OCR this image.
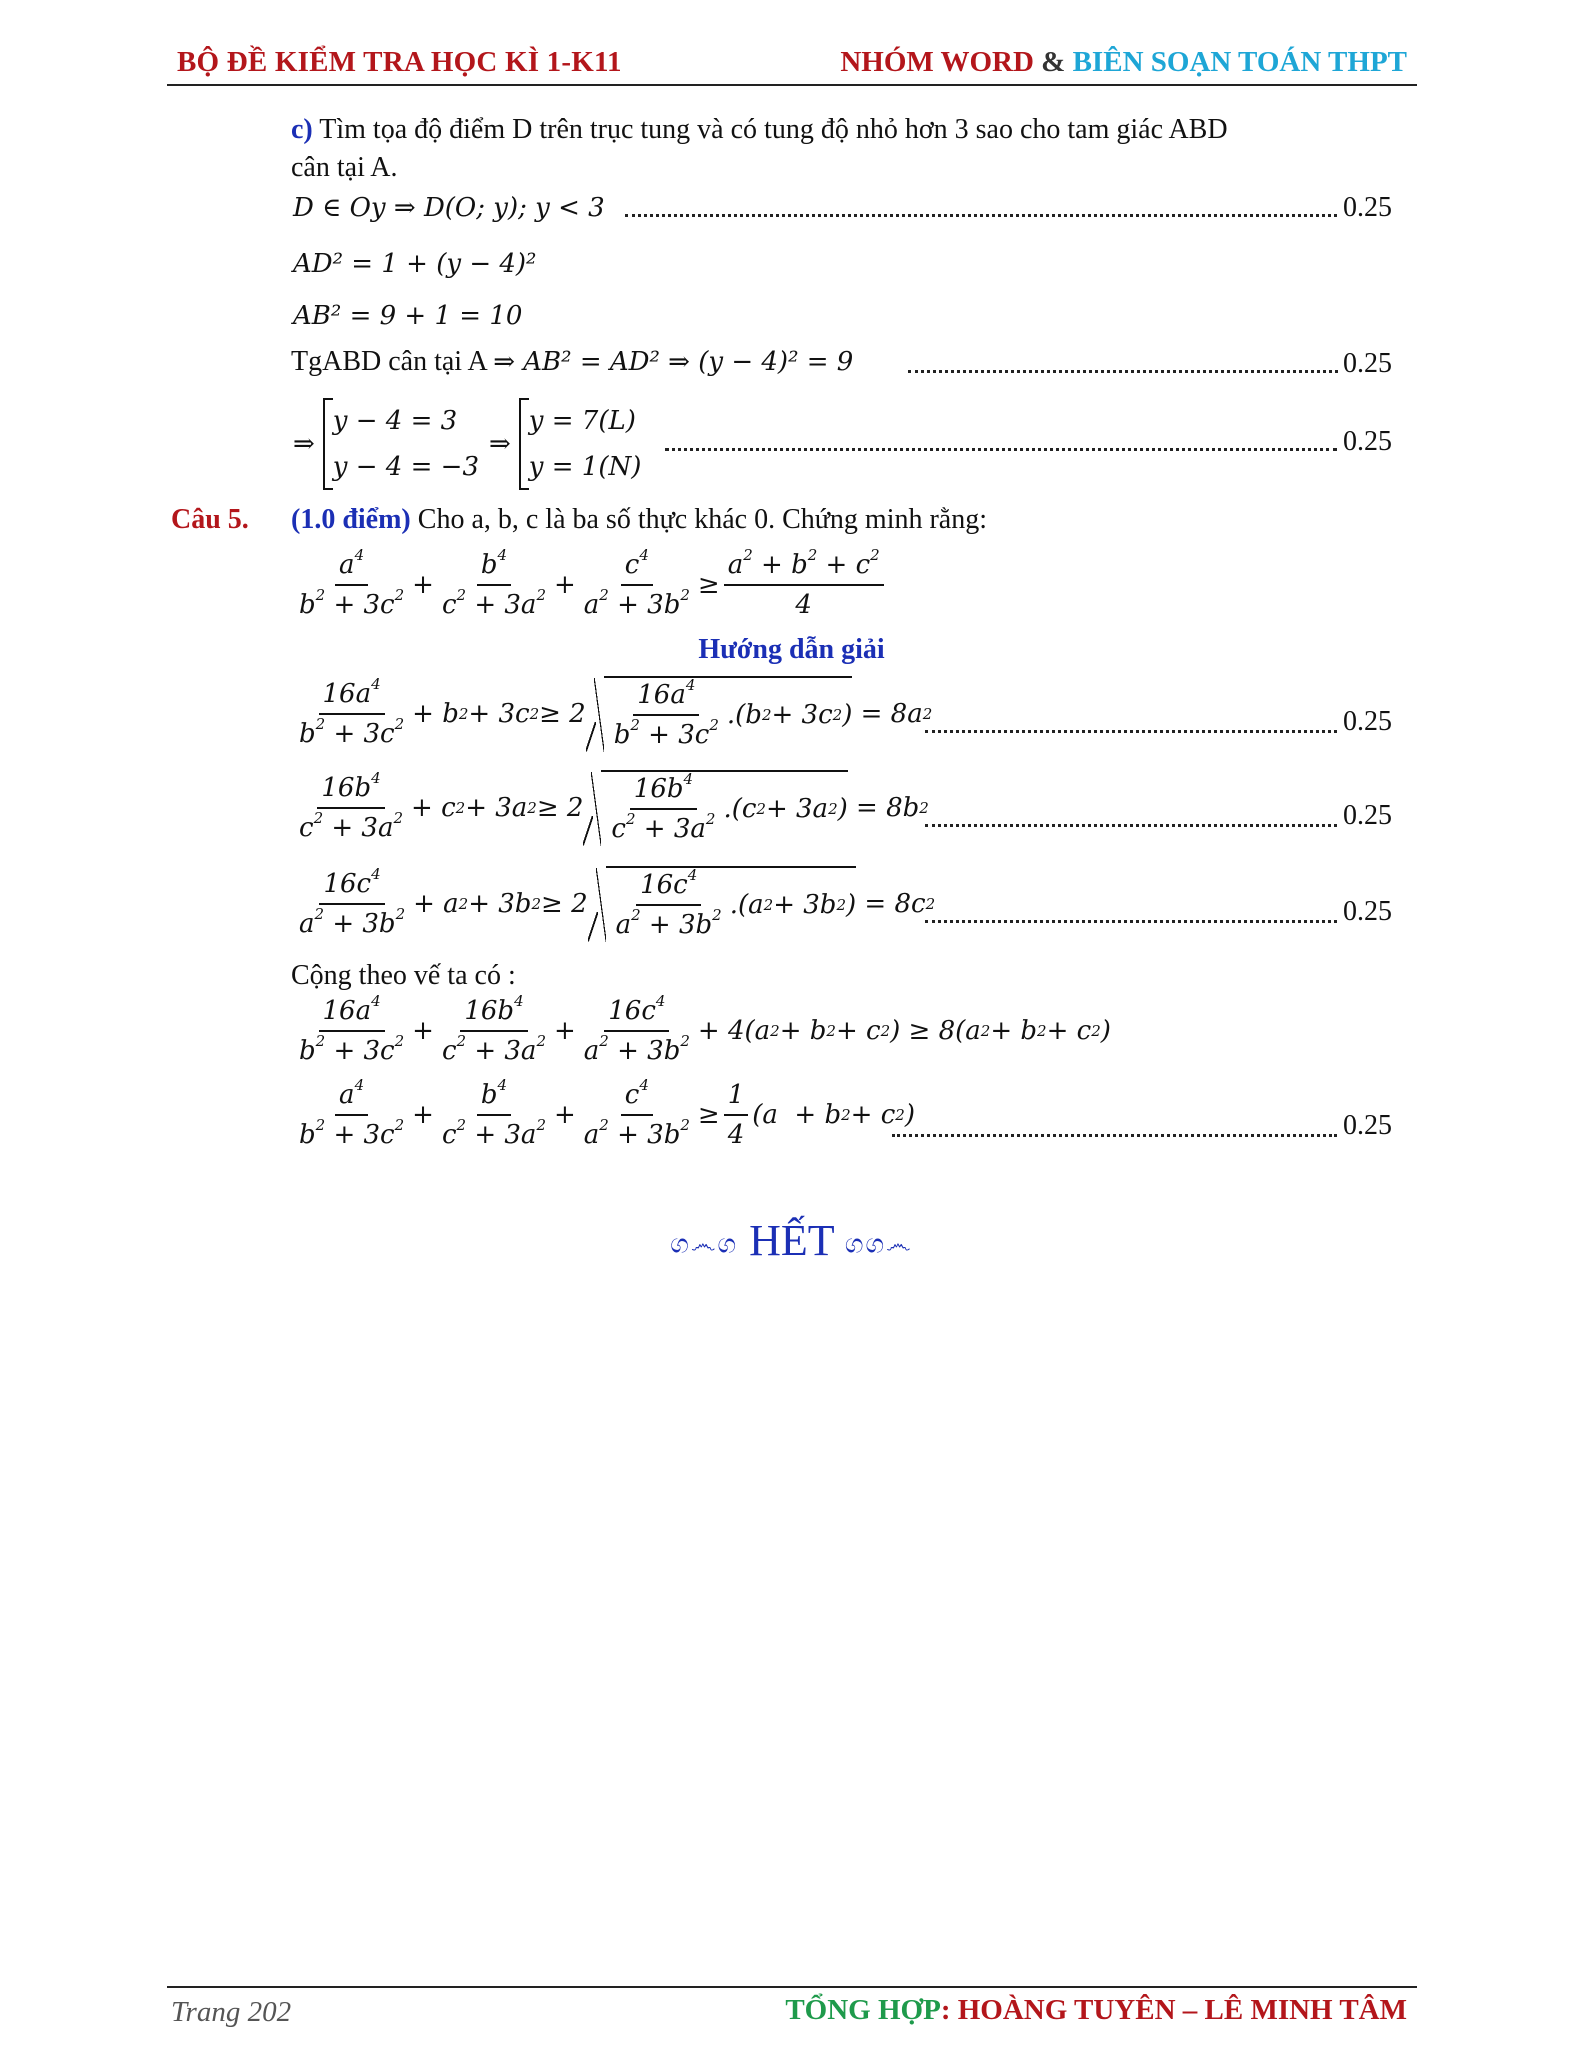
BỘ ĐỀ KIỂM TRA HỌC KÌ 1-K11	NHÓM WORD & BIÊN SOẠN TOÁN THPT
c) Tìm tọa độ điểm D trên trục tung và có tung độ nhỏ hơn 3 sao cho tam giác ABD
cân tại A.
D ∈ Oy ⇒ D(O; y); y < 3	0.25
AD² = 1 + (y − 4)²
AB² = 9 + 1 = 10
TgABD cân tại A ⇒ AB² = AD² ⇒ (y − 4)² = 9	0.25
⇒
y − 4 = 3
y − 4 = −3
⇒
y = 7(L)
y = 1(N)
0.25
Câu 5. (1.0 điểm) Cho a, b, c là ba số thực khác 0. Chứng minh rằng:
$\frac{a^4}{b^2 + 3c^2} + \frac{b^4}{c^2 + 3a^2} + \frac{c^4}{a^2 + 3b^2} \ge \frac{a^2 + b^2 + c^2}{4}$
Hướng dẫn giải
$\frac{16a^4}{b^2 + 3c^2} + b$ 2 + 3c $2 \ge 2 \frac{16a^4}{b^2 + 3c^2} .(b$ 2 + 3c 2 ) = 8a 2	0.25
$\frac{16b^4}{c^2 + 3a^2} + c$ 2 + 3a $2 \ge 2 \frac{16b^4}{c^2 + 3a^2} .(c$ 2 + 3a 2 ) = 8b 2	0.25
$\frac{16c^4}{a^2 + 3b^2} + a$ 2 + 3b $2 \ge 2 \frac{16c^4}{a^2 + 3b^2} .(a$ 2 + 3b 2 ) = 8c 2	0.25
Cộng theo vế ta có :
$\frac{16a^4}{b^2 + 3c^2} + \frac{16b^4}{c^2 + 3a^2} + \frac{16c^4}{a^2 + 3b^2} + 4(a$ 2 + b 2 + c 2 ) ≥ 8(a 2 + b 2 + c 2 )
$\frac{a^4}{b^2 + 3c^2} + \frac{b^4}{c^2 + 3a^2} + \frac{c^4}{a^2 + 3b^2} \ge \frac{1}{4} (a + b$ 2 + c 2 )	0.25
ග෴ග HẾT ගග෴
Trang 202	TỔNG HỢP: HOÀNG TUYÊN – LÊ MINH TÂM
